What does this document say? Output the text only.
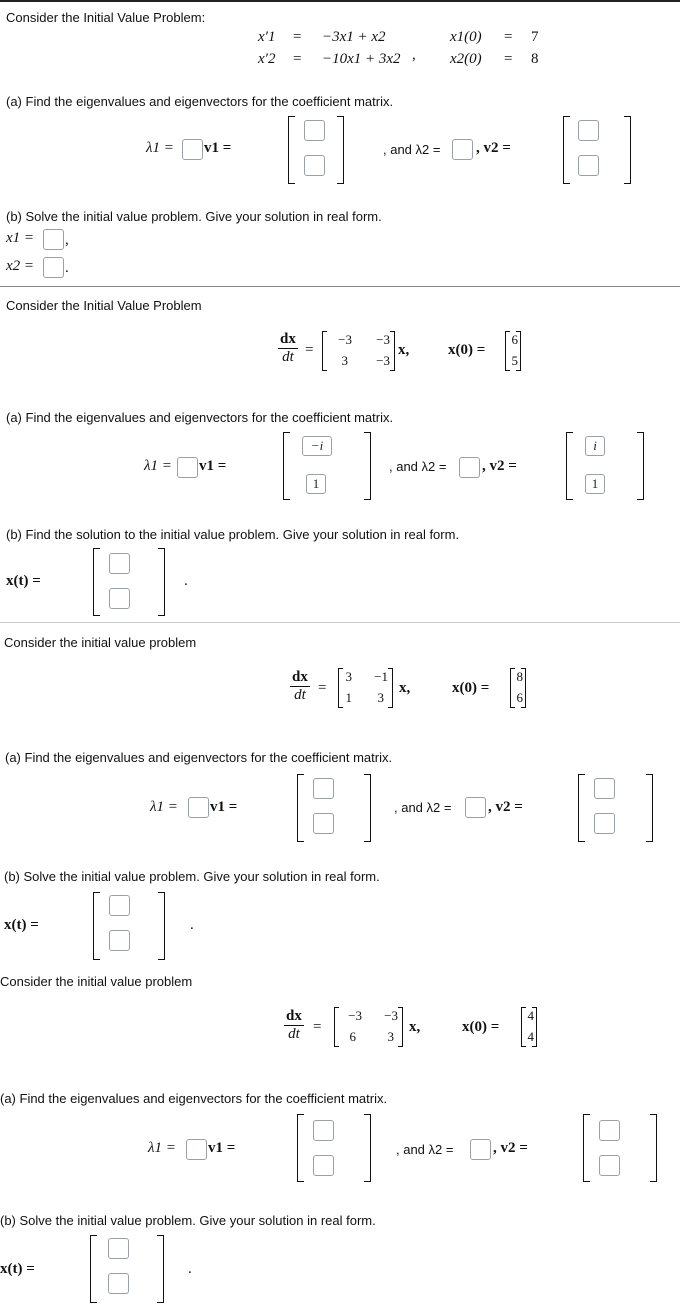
Consider the Initial Value Problem:
x′1 = −3x1 + x2	x1(0) = 7
x′2 = −10x1 + 3x2 , x2(0) = 8
(a) Find the eigenvalues and eigenvectors for the coefficient matrix.
λ1 = v1 =	, and λ2 = , v2 =
(b) Solve the initial value problem. Give your solution in real form.
x1 = ,
x2 = .
Consider the Initial Value Problem
$\frac{dx}{dt}$ =
−3	−3
3	−3
x,	x(0) =
6
5
(a) Find the eigenvalues and eigenvectors for the coefficient matrix.
λ1 = v1 =
−i
1
, and λ2 = , v2 =
i
1
(b) Find the solution to the initial value problem. Give your solution in real form.
x(t) =	.
Consider the initial value problem
$\frac{dx}{dt}$ =
3	−1
1	3
x,	x(0) =
8
6
(a) Find the eigenvalues and eigenvectors for the coefficient matrix.
λ1 = v1 =	, and λ2 = , v2 =
(b) Solve the initial value problem. Give your solution in real form.
x(t) =	.
Consider the initial value problem
$\frac{dx}{dt}$ =
−3	−3
6	3
x,	x(0) =
4
4
(a) Find the eigenvalues and eigenvectors for the coefficient matrix.
λ1 = v1 =	, and λ2 =	, v2 =
(b) Solve the initial value problem. Give your solution in real form.
x(t) =	.
